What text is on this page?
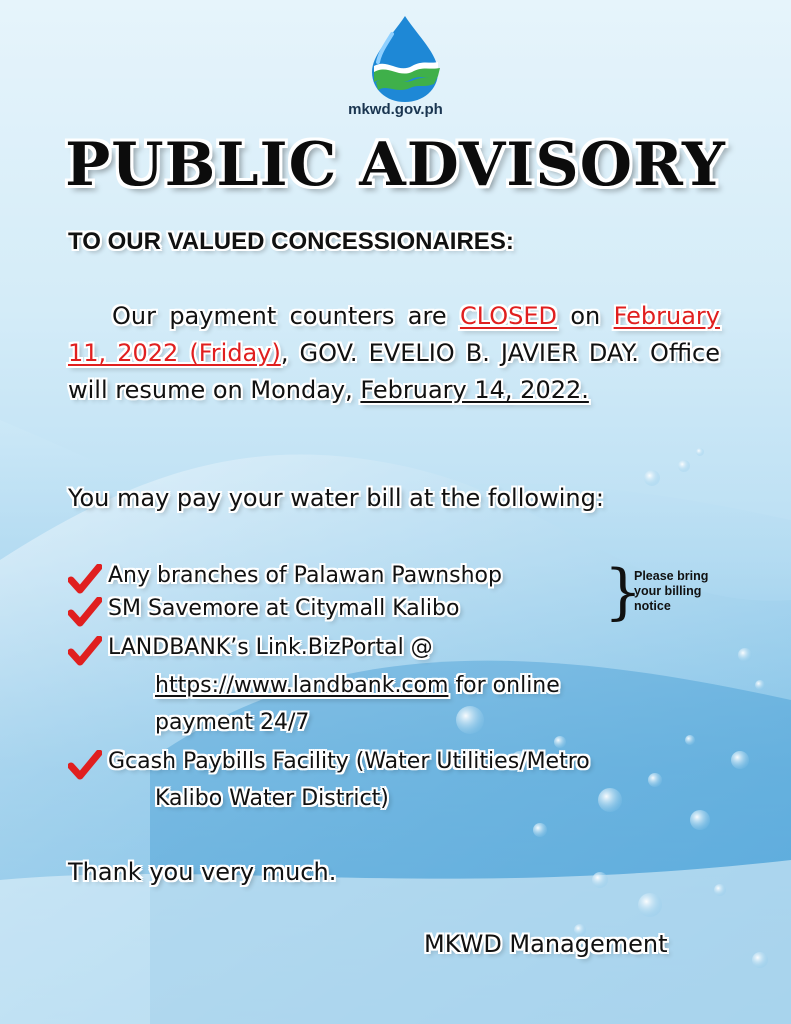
mkwd.gov.ph
PUBLIC ADVISORY
TO OUR VALUED CONCESSIONAIRES:
Our payment counters are CLOSED on February 11, 2022 (Friday), GOV. EVELIO B. JAVIER DAY. Office will resume on Monday, February 14, 2022.
You may pay your water bill at the following:
Any branches of Palawan Pawnshop
SM Savemore at Citymall Kalibo }
Please bring
your billing
notice
LANDBANK’s Link.BizPortal @
https://www.landbank.com for online
payment 24/7
Gcash Paybills Facility (Water Utilities/Metro
Kalibo Water District)
Thank you very much.
MKWD Management
